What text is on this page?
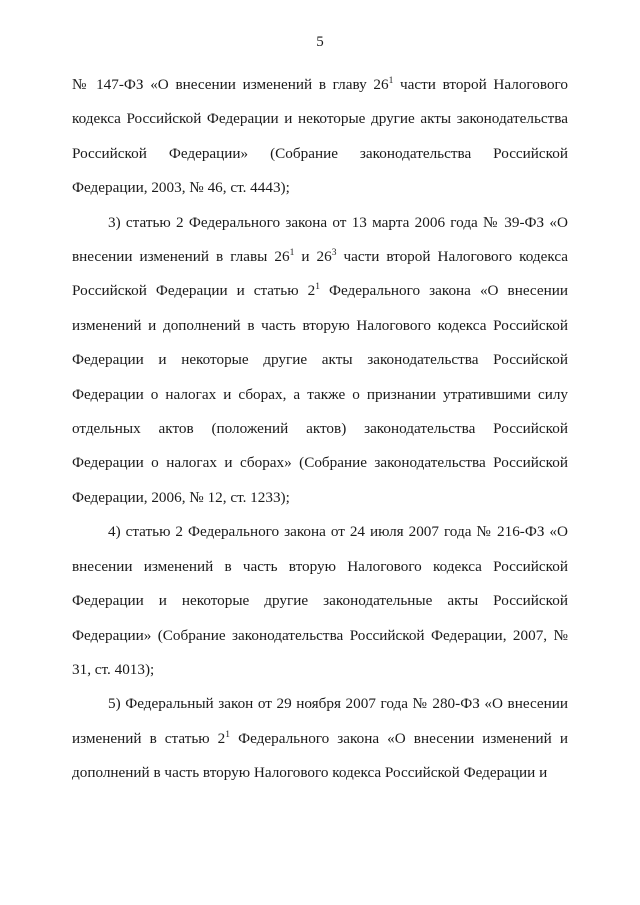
5

№ 147-ФЗ «О внесении изменений в главу $26^1$ части второй Налогового кодекса Российской Федерации и некоторые другие акты законодательства Российской Федерации» (Собрание законодательства Российской Федерации, 2003, № 46, ст. 4443);

3) статью 2 Федерального закона от 13 марта 2006 года № 39-ФЗ «О внесении изменений в главы $26^1$ и $26^3$ части второй Налогового кодекса Российской Федерации и статью $2^1$ Федерального закона «О внесении изменений и дополнений в часть вторую Налогового кодекса Российской Федерации и некоторые другие акты законодательства Российской Федерации о налогах и сборах, а также о признании утратившими силу отдельных актов (положений актов) законодательства Российской Федерации о налогах и сборах» (Собрание законодательства Российской Федерации, 2006, № 12, ст. 1233);

4) статью 2 Федерального закона от 24 июля 2007 года № 216-ФЗ «О внесении изменений в часть вторую Налогового кодекса Российской Федерации и некоторые другие законодательные акты Российской Федерации» (Собрание законодательства Российской Федерации, 2007, № 31, ст. 4013);

5) Федеральный закон от 29 ноября 2007 года № 280-ФЗ «О внесении изменений в статью $2^1$ Федерального закона «О внесении изменений и дополнений в часть вторую Налогового кодекса Российской Федерации и
